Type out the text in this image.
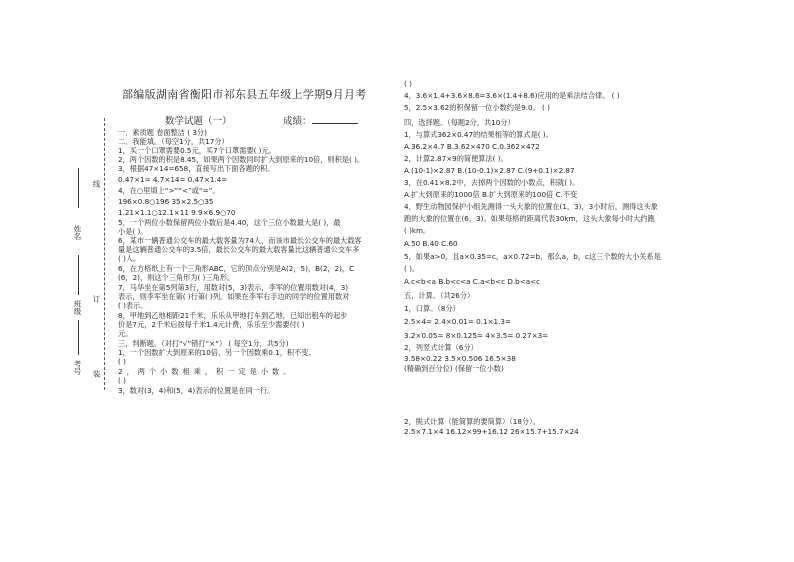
部编版湖南省衡阳市祁东县五年级上学期9月月考
数学试题（一）	成绩：
线
订
装
姓名
班级
考号
一．素质题 卷面整洁 ( 3分)
二．我能填。（每空1分，共17分）
1，买一个口罩需要0.5元，买7个口罩需要( )元。
2，两个因数的积是8.45，如果两个因数同时扩大到原来的10倍，则积是( )。
3，根据47×14=658，直接写出下面各题的积。
0.47×1= 4.7×14= 0.47×1.4=
4，在○里填上“>”“<”或“=”。
196×0.8○196 35×2.5○35
1.21×1.1○12.1×11 9.9×6.9○70
5，一个两位小数保留两位小数后是4.40，这个三位小数最大是( )，最
小是( )。
6，某市一辆普通公交车的最大载客量为74人，而该市最长公交车的最大载客
量是这辆普通公交车的3.5倍，最长公交车的最大载客量比这辆普通公交车多
( )人。
6，在方格纸上有一个三角形ABC，它的顶点分别是A(2，5)，B(2，2)，C
(6，2)，则这个三角形为( )三角形。
7，马华坐在第5列第3行，用数对(5，3)表示，李军的位置用数对(4，3)
表示，则李军坐在第( )行第( )列。如果在李军右手边的同学的位置用数对
( )表示。
8，甲地到乙地相距21千米，乐乐从甲地打车到乙地，已知出租车的起步
价是7元，2千米后按每千米1.4元计费，乐乐至少需要付( )
元。
三，判断题。（对打“√”错打“×”） ( 每空1分，共5分)
1，一个因数扩大到原来的10倍，另一个因数乘0.1，积不变。
( )
2，两个小数相乘，积一定是小数。
( )
3，数对(3，4)和(5，4)表示的位置是在同一行。
( )
4，3.6×1.4+3.6×8.6=3.6×(1.4+8.6)应用的是乘法结合律。 ( )
5，2.5×3.62的积保留一位小数约是9.0。 ( )
四，选择题。（每题2分，共10分）
1，与算式362×0.47的结果相等的算式是( )。
A.36.2×4.7 B.3.62×470 C.0.362×472
2，计算2.87×9的简便算法( )。
A.(10-1)×2.87 B.(10-0.1)×2.87 C.(9+0.1)×2.87
3，在0.41×8.2中，去掉两个因数的小数点，积就( )。
A.扩大到原来的1000倍 B.扩大到原来的100倍 C.不变
4，野生动物园保护小组先测得一头大象的位置在(1，3)，3小时后，测得这头象
跑的大象的位置在(6，3)。如果每格的距离代表30km，这头大象每小时大约跑
( )km。
A.50 B.40 C.60
5，如果a>0，且a×0.35=c，a×0.72=b，那么a，b，c这三个数的大小关系是
( )。
A.c<b<a B.b<c<a C.a<b<c D.b<a<c
五，计算。（共26分）
1，口算。（8分）
2.5×4= 2.4×0.01= 0.1×1.3=
3.2×0.05= 8×0.125= 4×3.5= 0.27×3=
2，列竖式计算（6分）
3.58×0.22 3.5×0.506 16.5×38
(精确到百分位) (保留一位小数)
2，脱式计算（能简算的要简算）（18分）。
2.5×7.1×4 16.12×99+16.12 26×15.7+15.7×24
